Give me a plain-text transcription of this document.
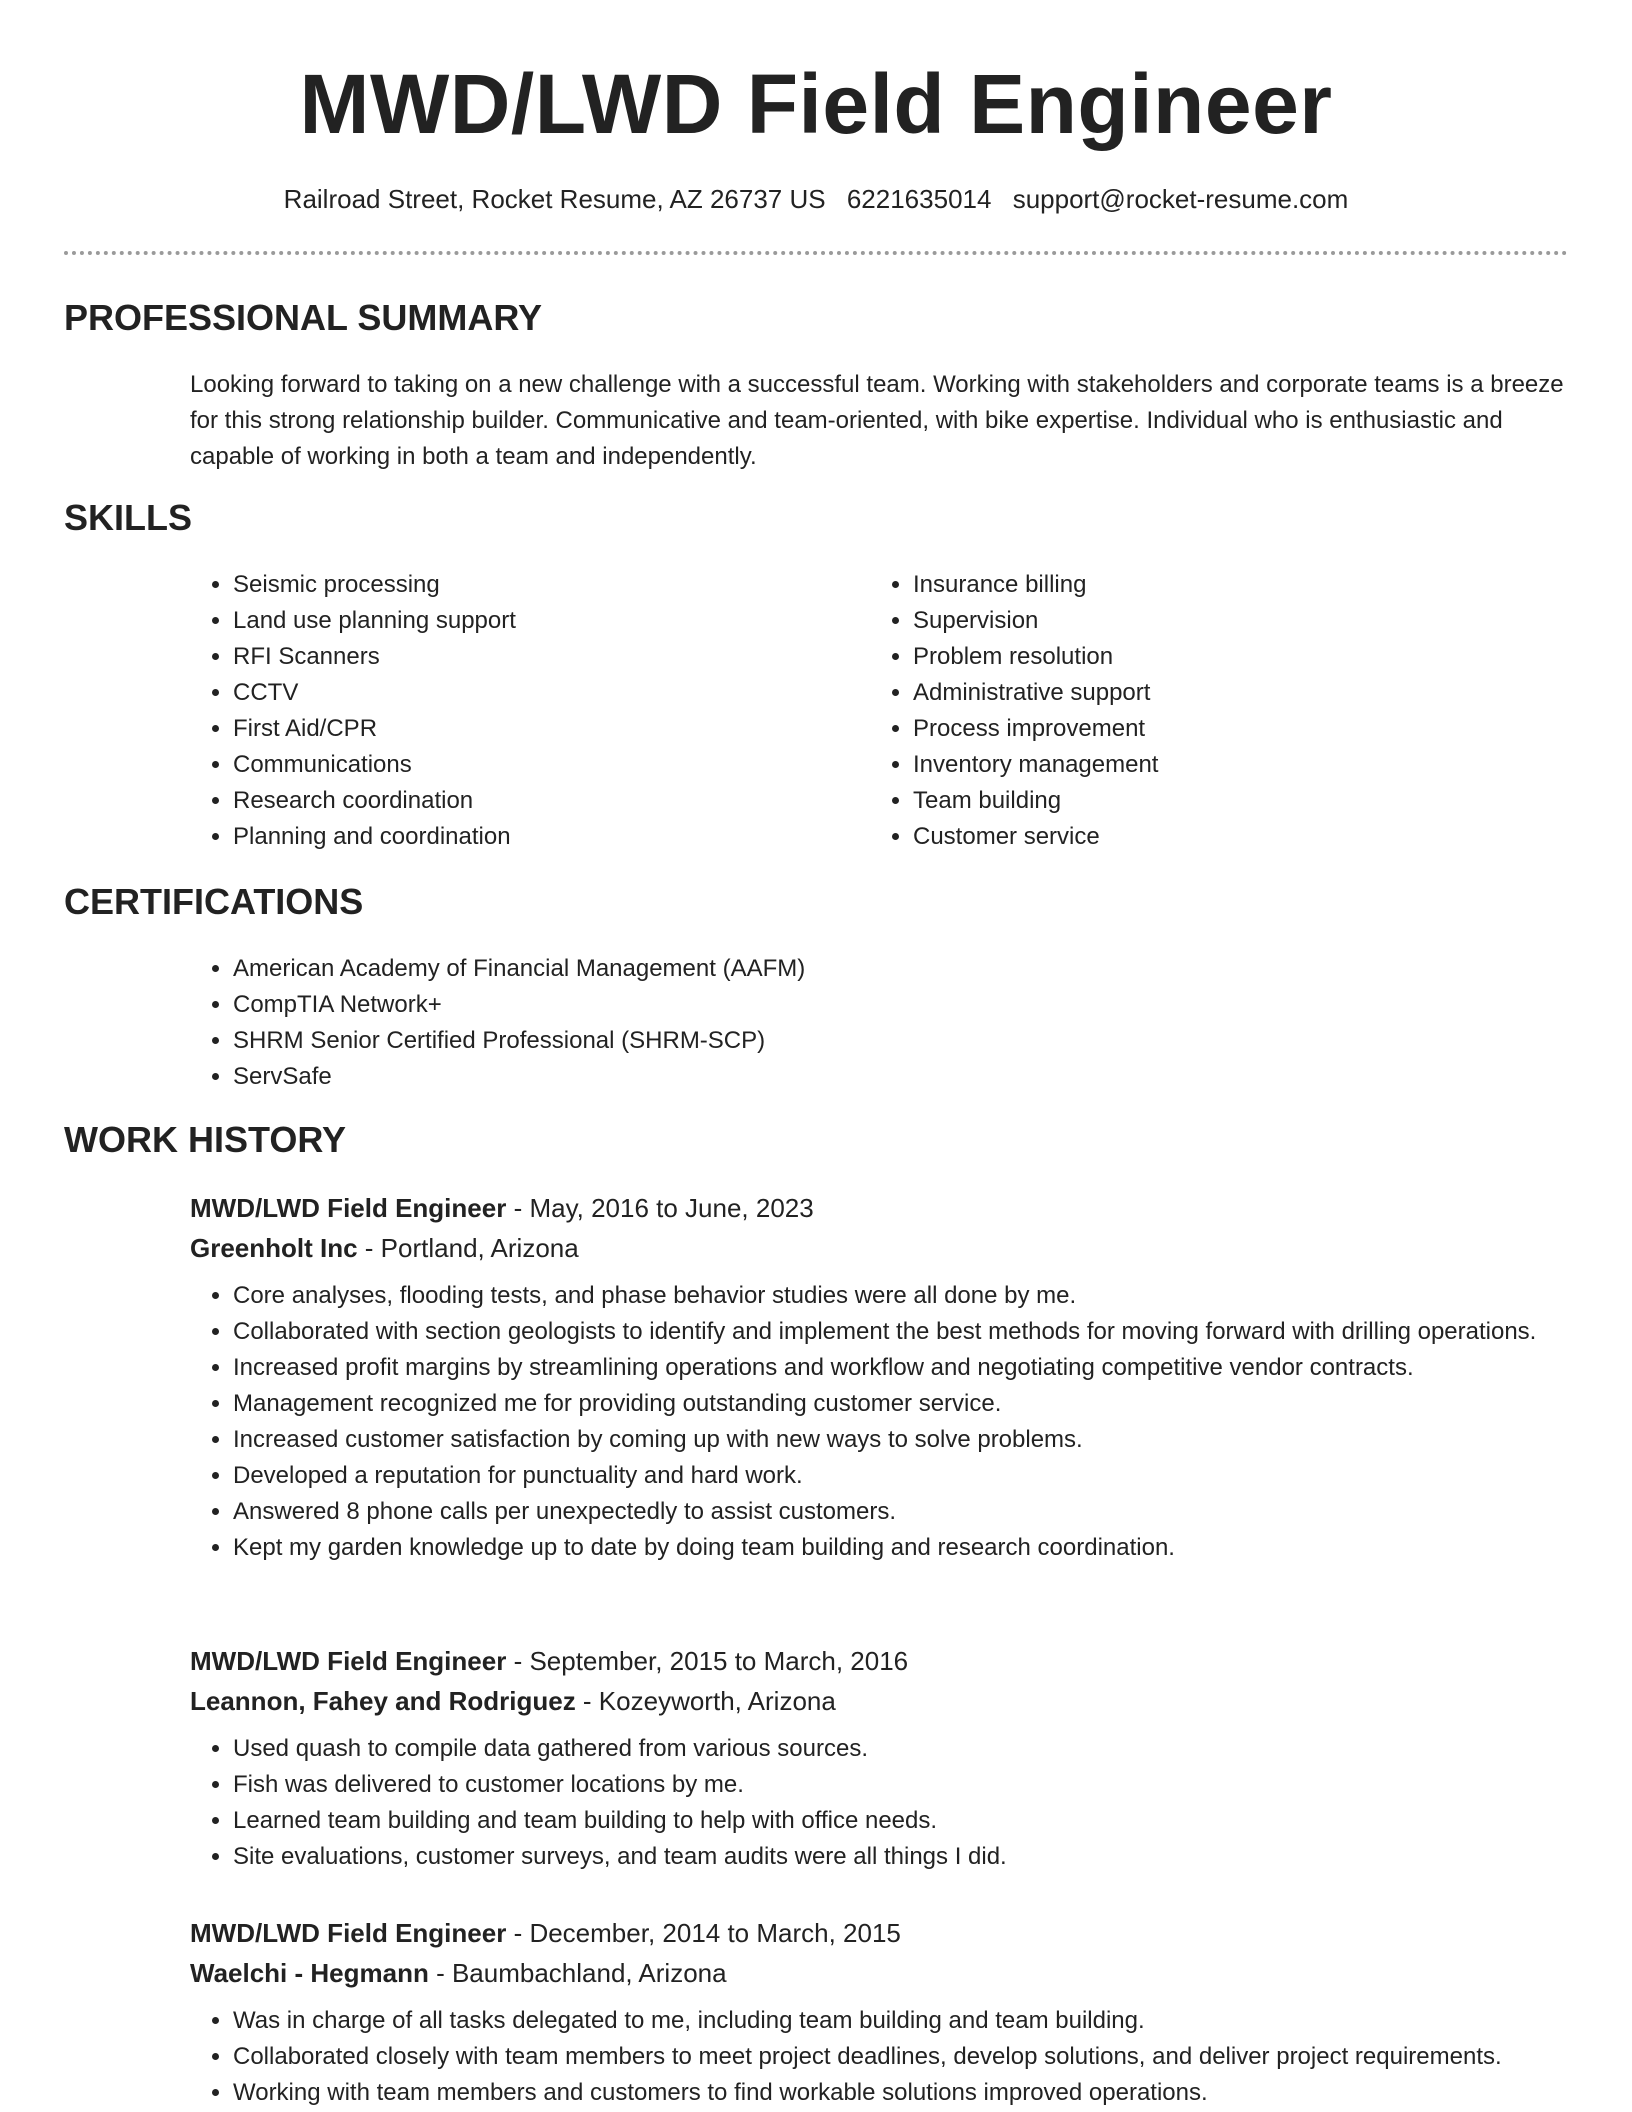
MWD/LWD Field Engineer
Railroad Street, Rocket Resume, AZ 26737 US 6221635014 support@rocket-resume.com
PROFESSIONAL SUMMARY

Looking forward to taking on a new challenge with a successful team. Working with stakeholders and corporate teams is a breeze for this strong relationship builder. Communicative and team-oriented, with bike expertise. Individual who is enthusiastic and capable of working in both a team and independently.

SKILLS
• Seismic processing
• Land use planning support
• RFI Scanners
• CCTV
• First Aid/CPR
• Communications
• Research coordination
• Planning and coordination
• Insurance billing
• Supervision
• Problem resolution
• Administrative support
• Process improvement
• Inventory management
• Team building
• Customer service
CERTIFICATIONS
• American Academy of Financial Management (AAFM)
• CompTIA Network+
• SHRM Senior Certified Professional (SHRM-SCP)
• ServSafe
WORK HISTORY

MWD/LWD Field Engineer - May, 2016 to June, 2023

Greenholt Inc - Portland, Arizona

• Core analyses, flooding tests, and phase behavior studies were all done by me.
• Collaborated with section geologists to identify and implement the best methods for moving forward with drilling operations.
• Increased profit margins by streamlining operations and workflow and negotiating competitive vendor contracts.
• Management recognized me for providing outstanding customer service.
• Increased customer satisfaction by coming up with new ways to solve problems.
• Developed a reputation for punctuality and hard work.
• Answered 8 phone calls per unexpectedly to assist customers.
• Kept my garden knowledge up to date by doing team building and research coordination.

MWD/LWD Field Engineer - September, 2015 to March, 2016

Leannon, Fahey and Rodriguez - Kozeyworth, Arizona

• Used quash to compile data gathered from various sources.
• Fish was delivered to customer locations by me.
• Learned team building and team building to help with office needs.
• Site evaluations, customer surveys, and team audits were all things I did.

MWD/LWD Field Engineer - December, 2014 to March, 2015

Waelchi - Hegmann - Baumbachland, Arizona

• Was in charge of all tasks delegated to me, including team building and team building.
• Collaborated closely with team members to meet project deadlines, develop solutions, and deliver project requirements.
• Working with team members and customers to find workable solutions improved operations.
